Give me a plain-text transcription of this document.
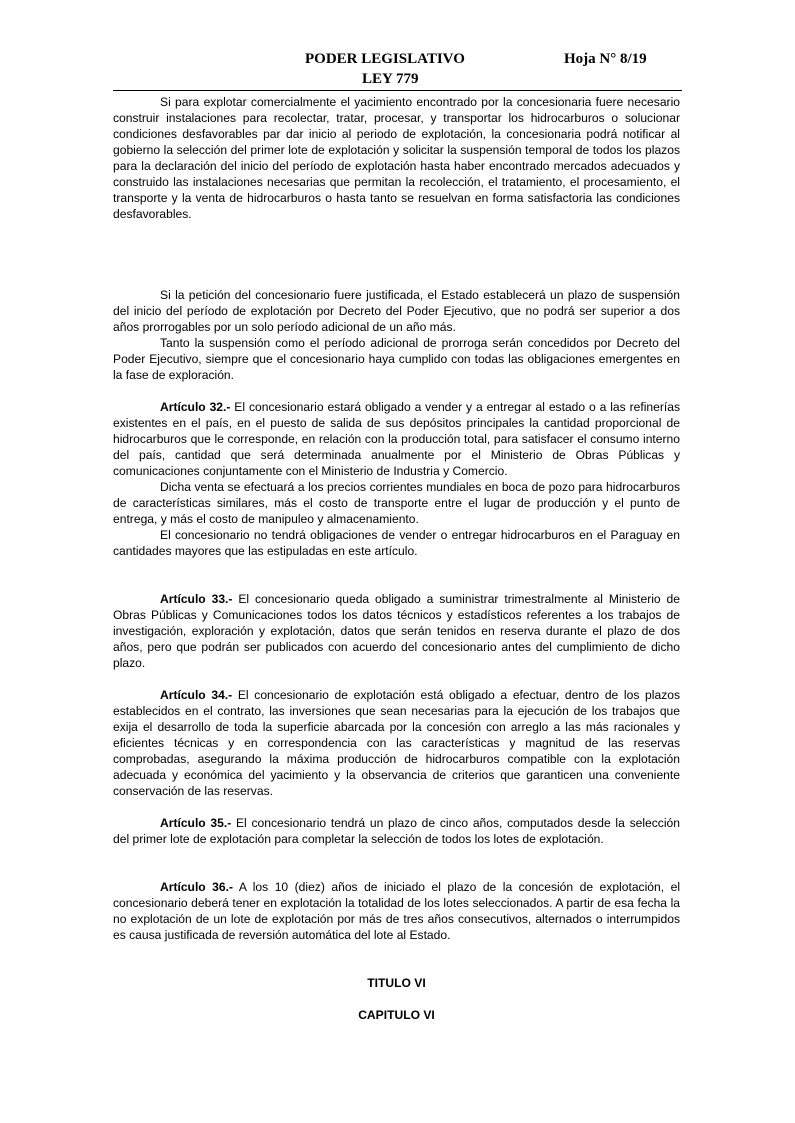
PODER LEGISLATIVO	Hoja N° 8/19
LEY 779

Si para explotar comercialmente el yacimiento encontrado por la concesionaria fuere necesario construir instalaciones para recolectar, tratar, procesar, y transportar los hidrocarburos o solucionar condiciones desfavorables par dar inicio al periodo de explotación, la concesionaria podrá notificar al gobierno la selección del primer lote de explotación y solicitar la suspensión temporal de todos los plazos para la declaración del inicio del período de explotación hasta haber encontrado mercados adecuados y construido las instalaciones necesarias que permitan la recolección, el tratamiento, el procesamiento, el transporte y la venta de hidrocarburos o hasta tanto se resuelvan en forma satisfactoria las condiciones desfavorables.

Si la petición del concesionario fuere justificada, el Estado establecerá un plazo de suspensión del inicio del período de explotación por Decreto del Poder Ejecutivo, que no podrá ser superior a dos años prorrogables por un solo período adicional de un año más.

Tanto la suspensión como el período adicional de prorroga serán concedidos por Decreto del Poder Ejecutivo, siempre que el concesionario haya cumplido con todas las obligaciones emergentes en la fase de exploración.

Artículo 32.- El concesionario estará obligado a vender y a entregar al estado o a las refinerías existentes en el país, en el puesto de salida de sus depósitos principales la cantidad proporcional de hidrocarburos que le corresponde, en relación con la producción total, para satisfacer el consumo interno del país, cantidad que será determinada anualmente por el Ministerio de Obras Públicas y comunicaciones conjuntamente con el Ministerio de Industria y Comercio.

Dicha venta se efectuará a los precios corrientes mundiales en boca de pozo para hidrocarburos de características similares, más el costo de transporte entre el lugar de producción y el punto de entrega, y más el costo de manipuleo y almacenamiento.

El concesionario no tendrá obligaciones de vender o entregar hidrocarburos en el Paraguay en cantidades mayores que las estipuladas en este artículo.

Artículo 33.- El concesionario queda obligado a suministrar trimestralmente al Ministerio de Obras Públicas y Comunicaciones todos los datos técnicos y estadísticos referentes a los trabajos de investigación, exploración y explotación, datos que serán tenidos en reserva durante el plazo de dos años, pero que podrán ser publicados con acuerdo del concesionario antes del cumplimiento de dicho plazo.

Artículo 34.- El concesionario de explotación está obligado a efectuar, dentro de los plazos establecidos en el contrato, las inversiones que sean necesarias para la ejecución de los trabajos que exija el desarrollo de toda la superficie abarcada por la concesión con arreglo a las más racionales y eficientes técnicas y en correspondencia con las características y magnitud de las reservas comprobadas, asegurando la máxima producción de hidrocarburos compatible con la explotación adecuada y económica del yacimiento y la observancia de criterios que garanticen una conveniente conservación de las reservas.

Artículo 35.- El concesionario tendrá un plazo de cinco años, computados desde la selección del primer lote de explotación para completar la selección de todos los lotes de explotación.

Artículo 36.- A los 10 (diez) años de iniciado el plazo de la concesión de explotación, el concesionario deberá tener en explotación la totalidad de los lotes seleccionados. A partir de esa fecha la no explotación de un lote de explotación por más de tres años consecutivos, alternados o interrumpidos es causa justificada de reversión automática del lote al Estado.

TITULO VI
CAPITULO VI
